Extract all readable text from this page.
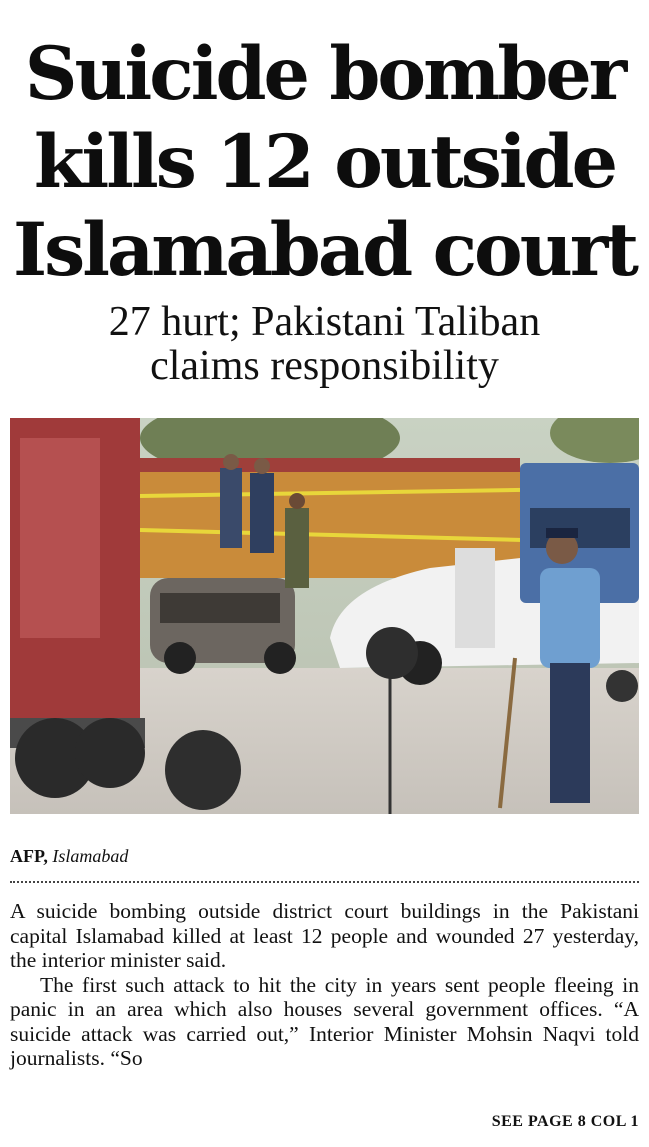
Suicide bomber
kills 12 outside
Islamabad court
27 hurt; Pakistani Taliban
claims responsibility
AFP, Islamabad

A suicide bombing outside district court buildings in the Pakistani capital Islamabad killed at least 12 people and wounded 27 yesterday, the interior minister said.

The first such attack to hit the city in years sent people fleeing in panic in an area which also houses several government offices. “A suicide attack was carried out,” Interior Minister Mohsin Naqvi told journalists. “So

SEE PAGE 8 COL 1
